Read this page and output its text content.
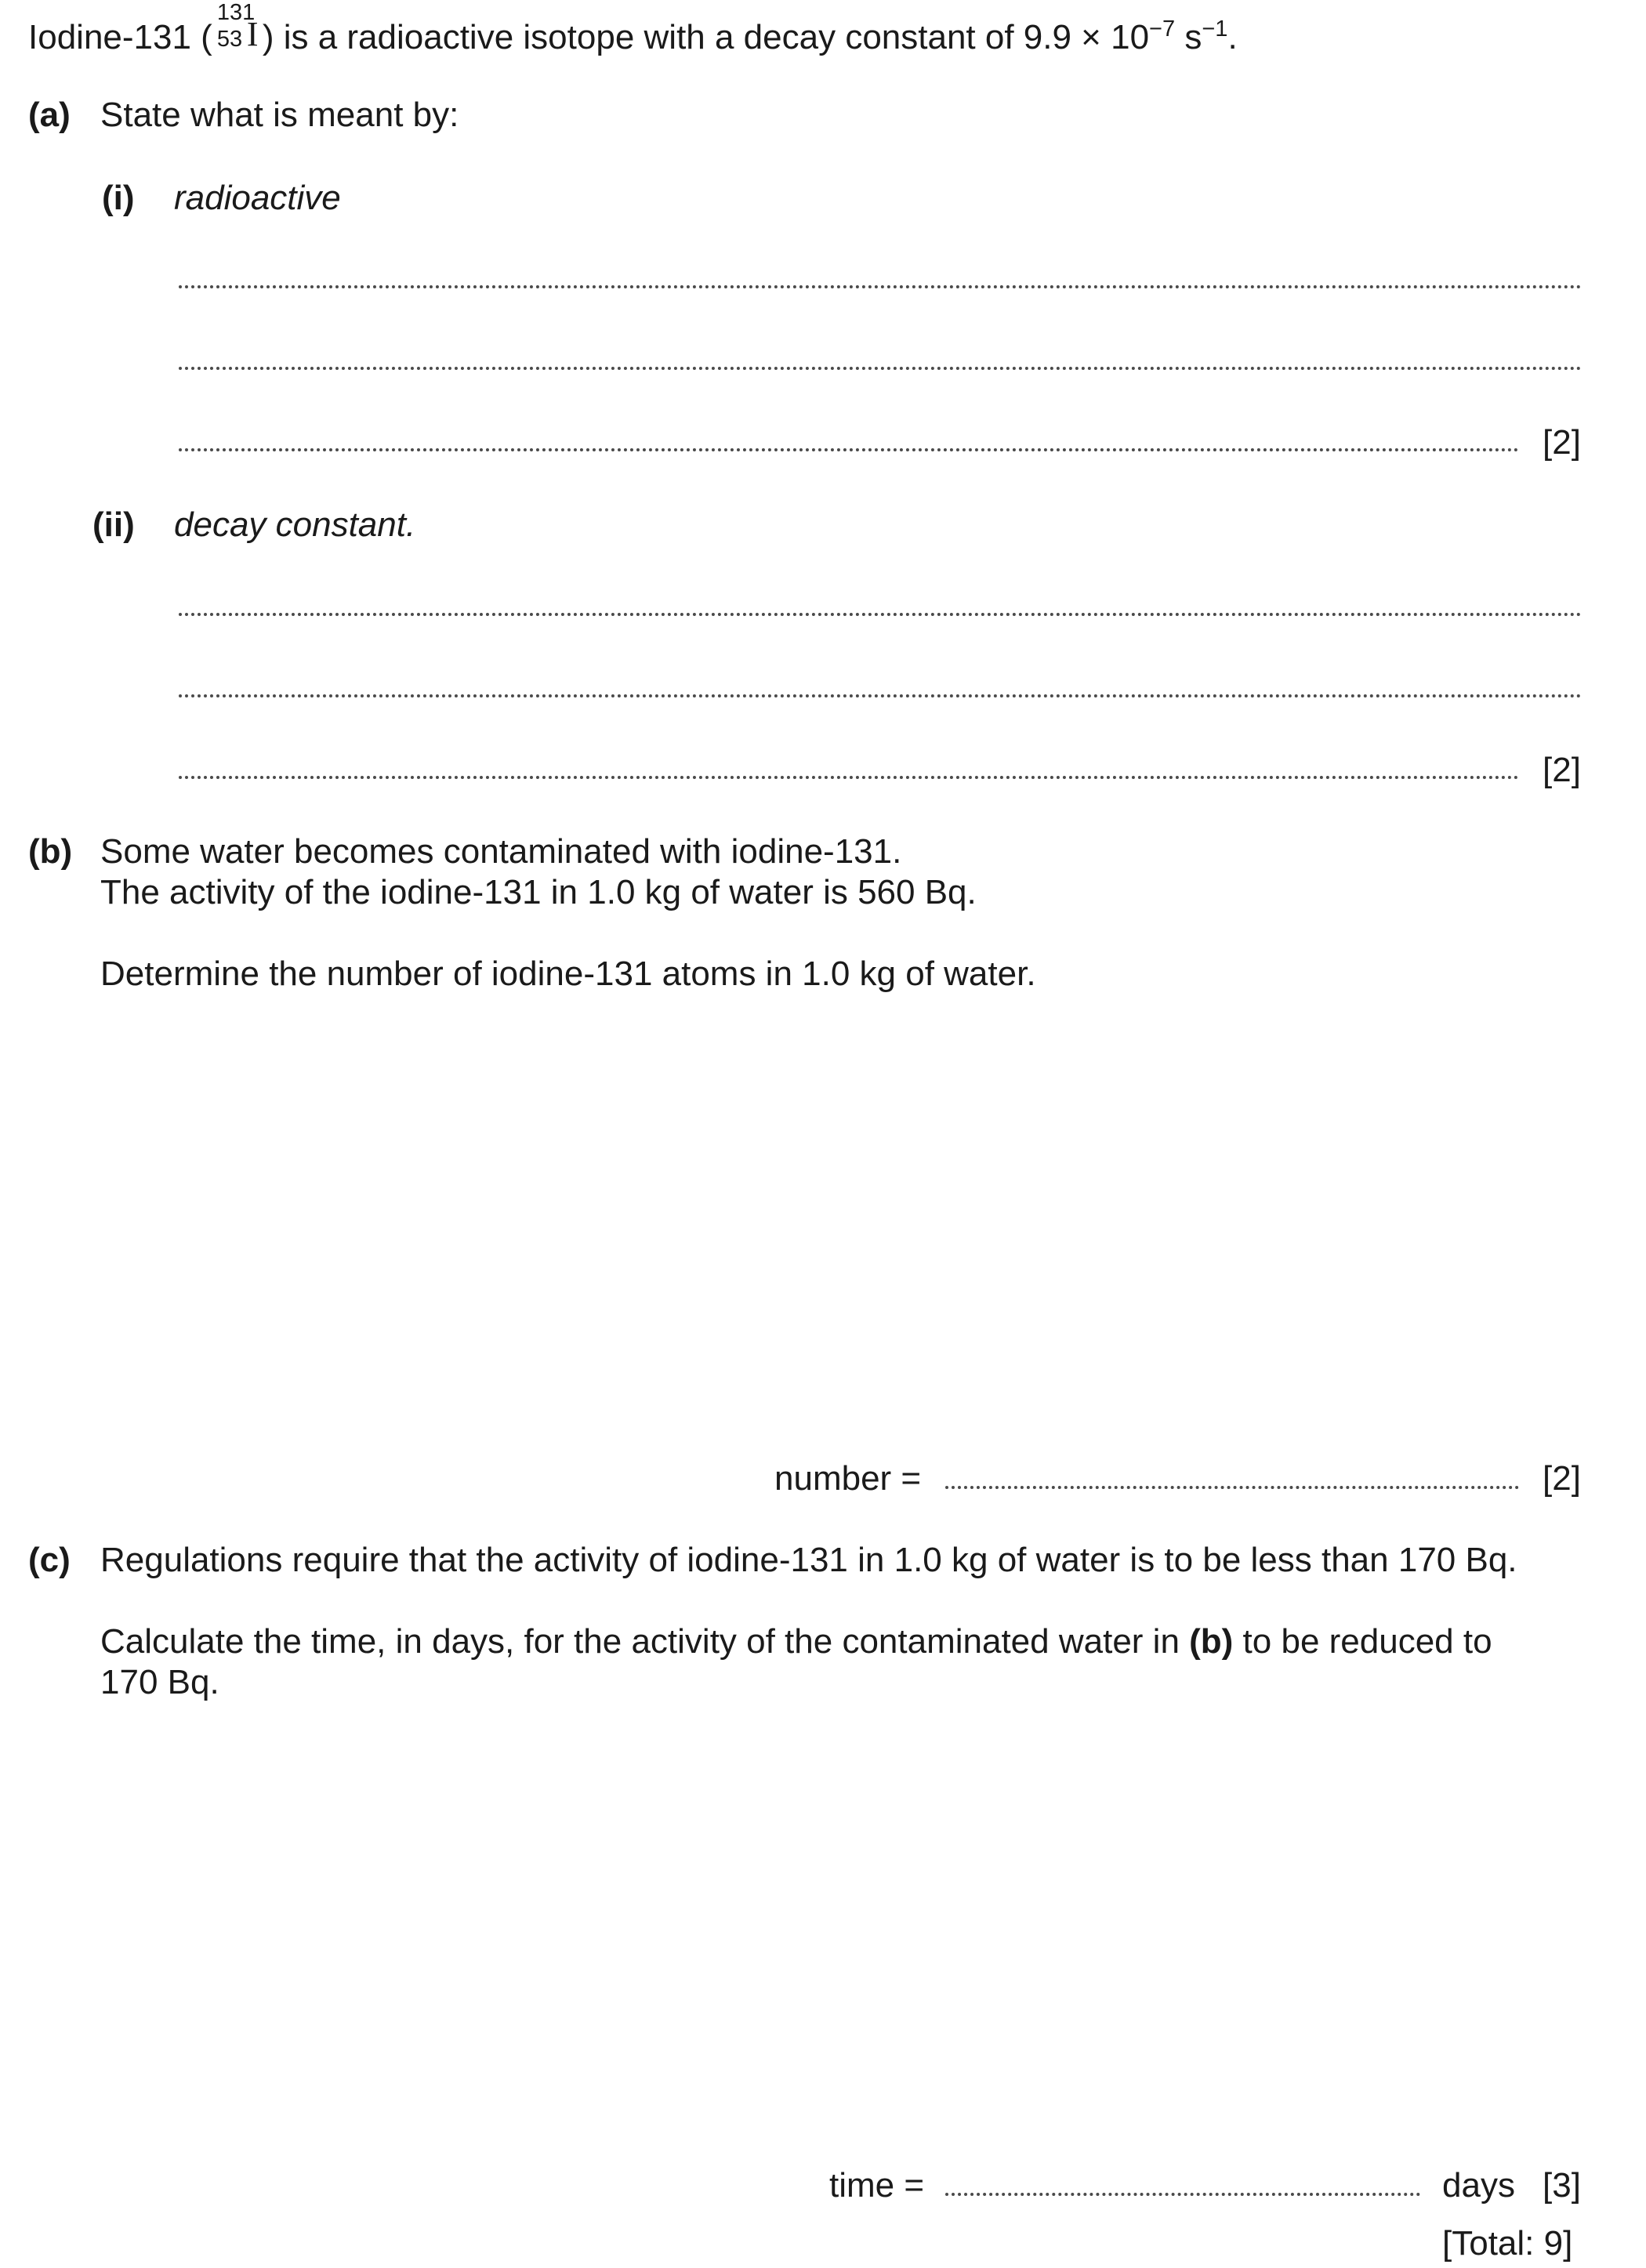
Iodine-131 (
131
53 I ) is a radioactive isotope with a decay constant of $9.9 \times 10^{-7}$ $s^{-1}$.
(a) State what is meant by:
(i) radioactive
[2]
(ii) decay constant.
[2]
(b) Some water becomes contaminated with iodine-131.
The activity of the iodine-131 in 1.0 kg of water is 560 Bq.
Determine the number of iodine-131 atoms in 1.0 kg of water.
number =	[2]
(c) Regulations require that the activity of iodine-131 in 1.0 kg of water is to be less than 170 Bq.
Calculate the time, in days, for the activity of the contaminated water in (b) to be reduced to
170 Bq.
time =	days [3]
[Total: 9]
